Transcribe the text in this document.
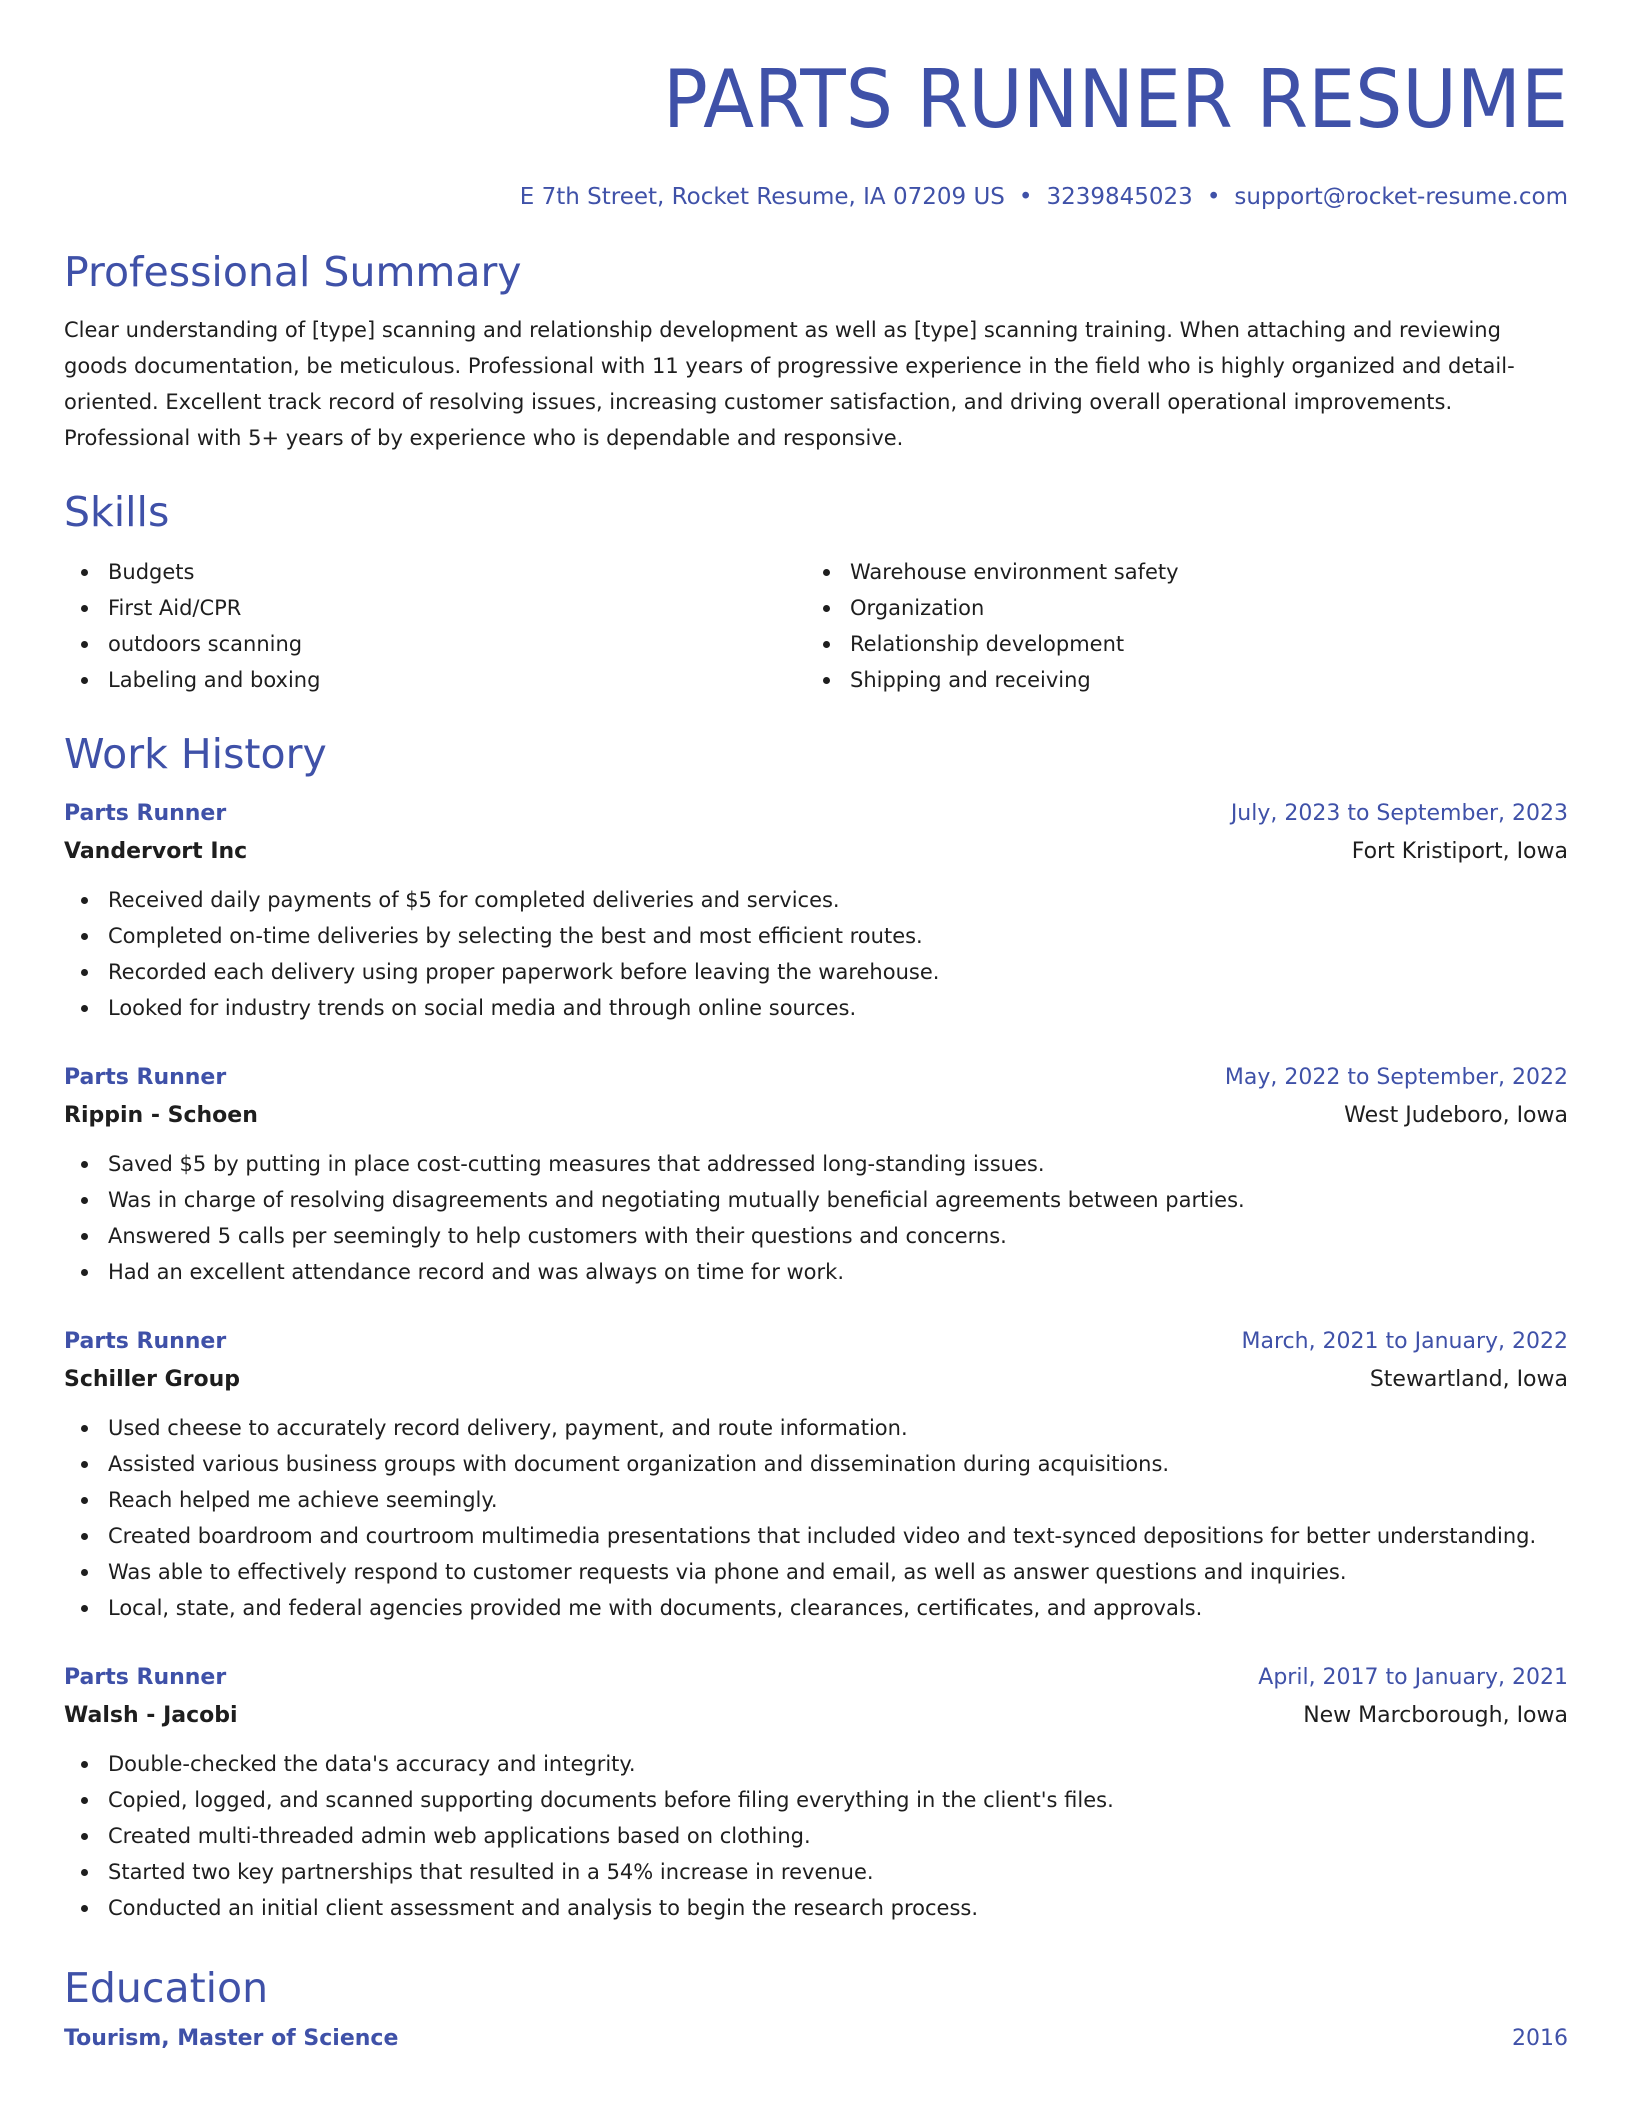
PARTS RUNNER RESUME
E 7th Street, Rocket Resume, IA 07209 US • 3239845023 • support@rocket-resume.com
Professional Summary

Clear understanding of [type] scanning and relationship development as well as [type] scanning training. When attaching and reviewing goods documentation, be meticulous. Professional with 11 years of progressive experience in the field who is highly organized and detail-oriented. Excellent track record of resolving issues, increasing customer satisfaction, and driving overall operational improvements. Professional with 5+ years of by experience who is dependable and responsive.

Skills
Budgets
First Aid/CPR
outdoors scanning
Labeling and boxing
Warehouse environment safety
Organization
Relationship development
Shipping and receiving
Work History
Parts Runner	July, 2023 to September, 2023
Vandervort Inc	Fort Kristiport, Iowa
Received daily payments of $5 for completed deliveries and services.
Completed on-time deliveries by selecting the best and most efficient routes.
Recorded each delivery using proper paperwork before leaving the warehouse.
Looked for industry trends on social media and through online sources.
Parts Runner	May, 2022 to September, 2022
Rippin - Schoen	West Judeboro, Iowa
Saved $5 by putting in place cost-cutting measures that addressed long-standing issues.
Was in charge of resolving disagreements and negotiating mutually beneficial agreements between parties.
Answered 5 calls per seemingly to help customers with their questions and concerns.
Had an excellent attendance record and was always on time for work.
Parts Runner	March, 2021 to January, 2022
Schiller Group	Stewartland, Iowa
Used cheese to accurately record delivery, payment, and route information.
Assisted various business groups with document organization and dissemination during acquisitions.
Reach helped me achieve seemingly.
Created boardroom and courtroom multimedia presentations that included video and text-synced depositions for better understanding.
Was able to effectively respond to customer requests via phone and email, as well as answer questions and inquiries.
Local, state, and federal agencies provided me with documents, clearances, certificates, and approvals.
Parts Runner	April, 2017 to January, 2021
Walsh - Jacobi	New Marcborough, Iowa
Double-checked the data's accuracy and integrity.
Copied, logged, and scanned supporting documents before filing everything in the client's files.
Created multi-threaded admin web applications based on clothing.
Started two key partnerships that resulted in a 54% increase in revenue.
Conducted an initial client assessment and analysis to begin the research process.
Education
Tourism, Master of Science	2016
